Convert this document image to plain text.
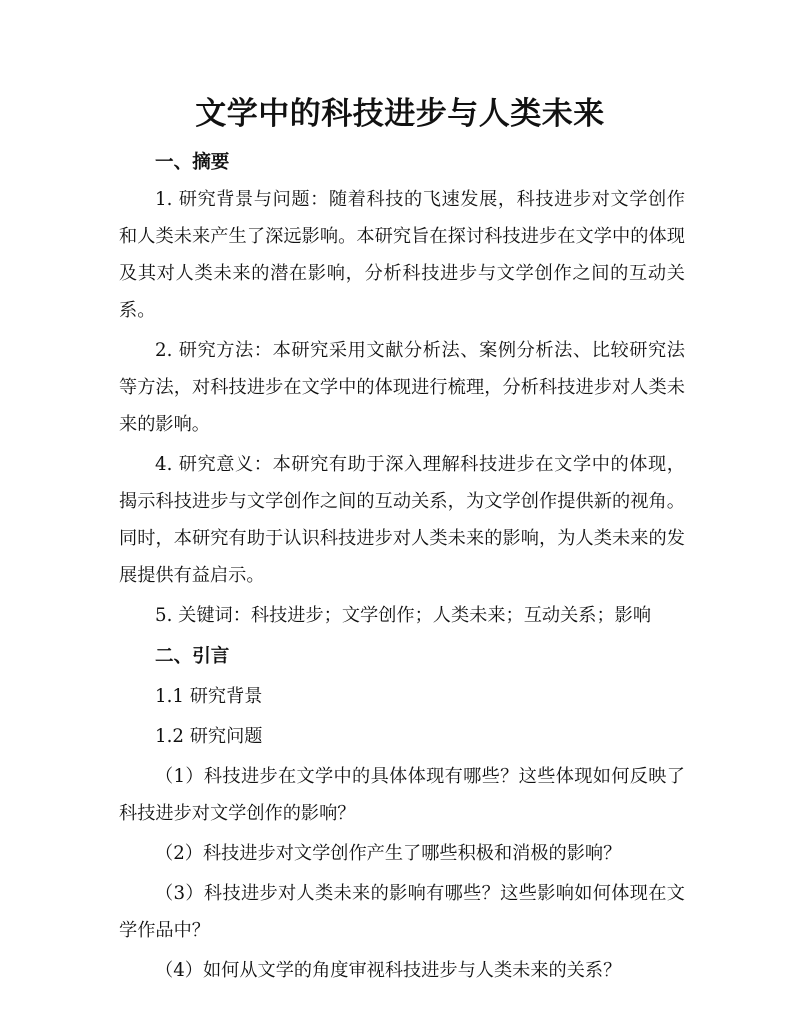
文学中的科技进步与人类未来

一、摘要

1. 研究背景与问题：随着科技的飞速发展，科技进步对文学创作和人类未来产生了深远影响。本研究旨在探讨科技进步在文学中的体现及其对人类未来的潜在影响，分析科技进步与文学创作之间的互动关系。

2. 研究方法：本研究采用文献分析法、案例分析法、比较研究法等方法，对科技进步在文学中的体现进行梳理，分析科技进步对人类未来的影响。

4. 研究意义：本研究有助于深入理解科技进步在文学中的体现，揭示科技进步与文学创作之间的互动关系，为文学创作提供新的视角。同时，本研究有助于认识科技进步对人类未来的影响，为人类未来的发展提供有益启示。

5. 关键词：科技进步；文学创作；人类未来；互动关系；影响

二、引言

1.1 研究背景

1.2 研究问题

（1）科技进步在文学中的具体体现有哪些？这些体现如何反映了科技进步对文学创作的影响？

（2）科技进步对文学创作产生了哪些积极和消极的影响？

（3）科技进步对人类未来的影响有哪些？这些影响如何体现在文学作品中？

（4）如何从文学的角度审视科技进步与人类未来的关系？
